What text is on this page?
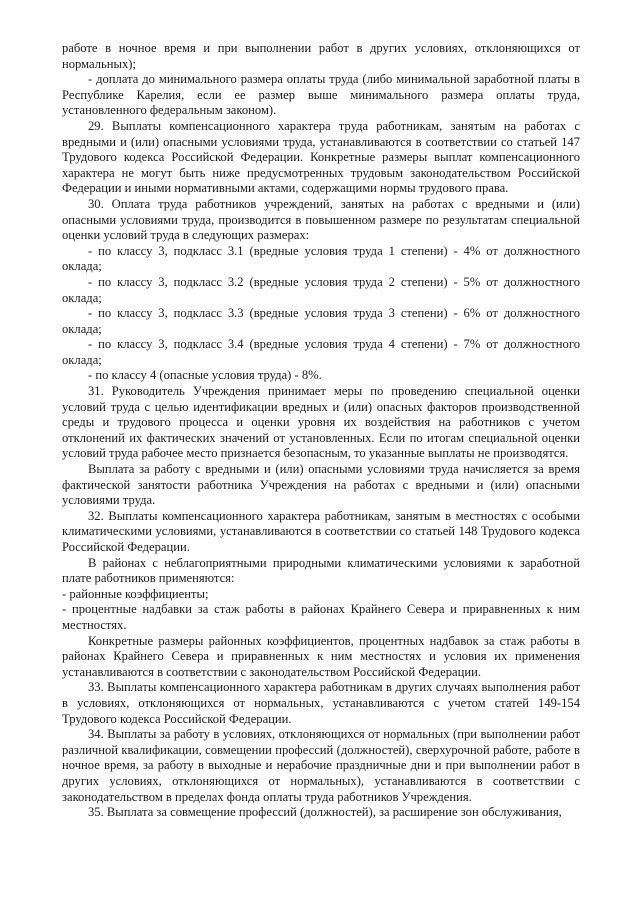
работе в ночное время и при выполнении работ в других условиях, отклоняющихся от нормальных);

- доплата до минимального размера оплаты труда (либо минимальной заработной платы в Республике Карелия, если ее размер выше минимального размера оплаты труда, установленного федеральным законом).

29. Выплаты компенсационного характера труда работникам, занятым на работах с вредными и (или) опасными условиями труда, устанавливаются в соответствии со статьей 147 Трудового кодекса Российской Федерации. Конкретные размеры выплат компенсационного характера не могут быть ниже предусмотренных трудовым законодательством Российской Федерации и иными нормативными актами, содержащими нормы трудового права.

30. Оплата труда работников учреждений, занятых на работах с вредными и (или) опасными условиями труда, производится в повышенном размере по результатам специальной оценки условий труда в следующих размерах:

- по классу 3, подкласс 3.1 (вредные условия труда 1 степени) - 4% от должностного оклада;

- по классу 3, подкласс 3.2 (вредные условия труда 2 степени) - 5% от должностного оклада;

- по классу 3, подкласс 3.3 (вредные условия труда 3 степени) - 6% от должностного оклада;

- по классу 3, подкласс 3.4 (вредные условия труда 4 степени) - 7% от должностного оклада;

- по классу 4 (опасные условия труда) - 8%.

31. Руководитель Учреждения принимает меры по проведению специальной оценки условий труда с целью идентификации вредных и (или) опасных факторов производственной среды и трудового процесса и оценки уровня их воздействия на работников с учетом отклонений их фактических значений от установленных. Если по итогам специальной оценки условий труда рабочее место признается безопасным, то указанные выплаты не производятся.

Выплата за работу с вредными и (или) опасными условиями труда начисляется за время фактической занятости работника Учреждения на работах с вредными и (или) опасными условиями труда.

32. Выплаты компенсационного характера работникам, занятым в местностях с особыми климатическими условиями, устанавливаются в соответствии со статьей 148 Трудового кодекса Российской Федерации.

В районах с неблагоприятными природными климатическими условиями к заработной плате работников применяются:

- районные коэффициенты;

- процентные надбавки за стаж работы в районах Крайнего Севера и приравненных к ним местностях.

Конкретные размеры районных коэффициентов, процентных надбавок за стаж работы в районах Крайнего Севера и приравненных к ним местностях и условия их применения устанавливаются в соответствии с законодательством Российской Федерации.

33. Выплаты компенсационного характера работникам в других случаях выполнения работ в условиях, отклоняющихся от нормальных, устанавливаются с учетом статей 149-154 Трудового кодекса Российской Федерации.

34. Выплаты за работу в условиях, отклоняющихся от нормальных (при выполнении работ различной квалификации, совмещении профессий (должностей), сверхурочной работе, работе в ночное время, за работу в выходные и нерабочие праздничные дни и при выполнении работ в других условиях, отклоняющихся от нормальных), устанавливаются в соответствии с законодательством в пределах фонда оплаты труда работников Учреждения.

35. Выплата за совмещение профессий (должностей), за расширение зон обслуживания,
